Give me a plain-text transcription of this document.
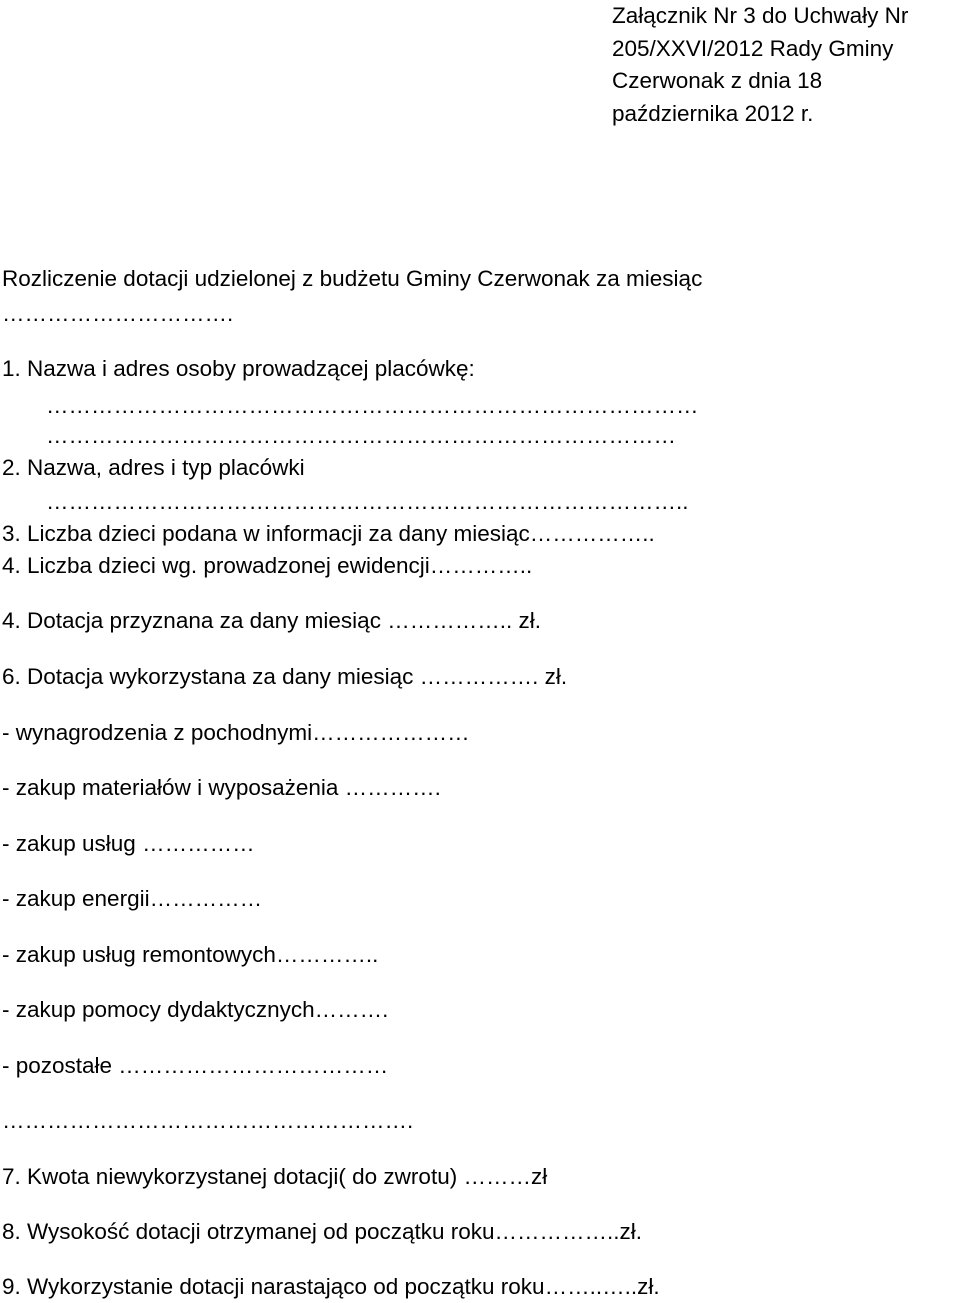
Załącznik Nr 3 do Uchwały Nr
205/XXVI/2012 Rady Gminy
Czerwonak z dnia 18
października 2012 r.

Rozliczenie dotacji udzielonej z budżetu Gminy Czerwonak za miesiąc

………………………….

1. Nazwa i adres osoby prowadzącej placówkę:

……………………………………………………………………………

…………………………………………………………………………

2. Nazwa, adres i typ placówki

…………………………………………………………………………..

3. Liczba dzieci podana w informacji za dany miesiąc……………..

4. Liczba dzieci wg. prowadzonej ewidencji…………..

4. Dotacja przyznana za dany miesiąc …………….. zł.

6. Dotacja wykorzystana za dany miesiąc ……………. zł.

- wynagrodzenia z pochodnymi…………………

- zakup materiałów i wyposażenia ………….

- zakup usług ……………

- zakup energii……………

- zakup usług remontowych…………..

- zakup pomocy dydaktycznych……….

- pozostałe ………………………………

……………………………………………….

7. Kwota niewykorzystanej dotacji( do zwrotu) ………zł

8. Wysokość dotacji otrzymanej od początku roku……………..zł.

9. Wykorzystanie dotacji narastająco od początku roku……..…..zł.
